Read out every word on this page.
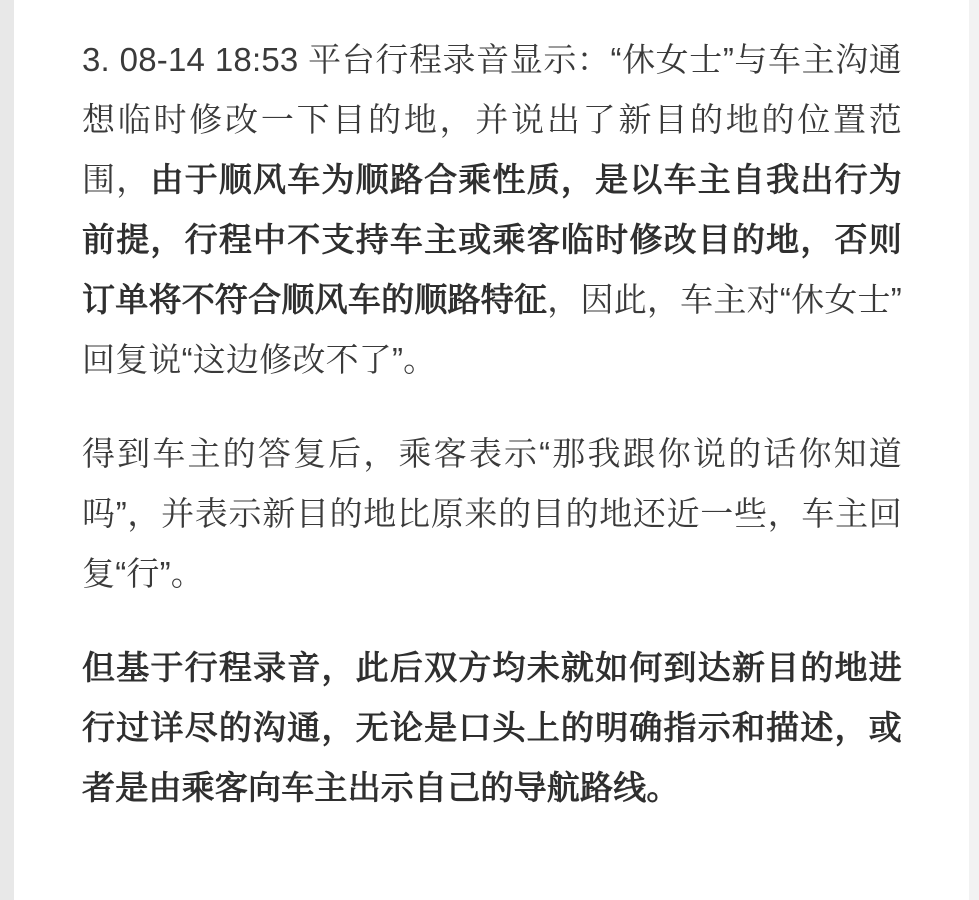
3. 08-14 18:53 平台行程录音显示：“休女士”与车主沟通想临时修改一下目的地，并说出了新目的地的位置范围，由于顺风车为顺路合乘性质，是以车主自我出行为前提，行程中不支持车主或乘客临时修改目的地，否则订单将不符合顺风车的顺路特征，因此，车主对“休女士”回复说“这边修改不了”。

得到车主的答复后，乘客表示“那我跟你说的话你知道吗”，并表示新目的地比原来的目的地还近一些，车主回复“行”。

但基于行程录音，此后双方均未就如何到达新目的地进行过详尽的沟通，无论是口头上的明确指示和描述，或者是由乘客向车主出示自己的导航路线。
